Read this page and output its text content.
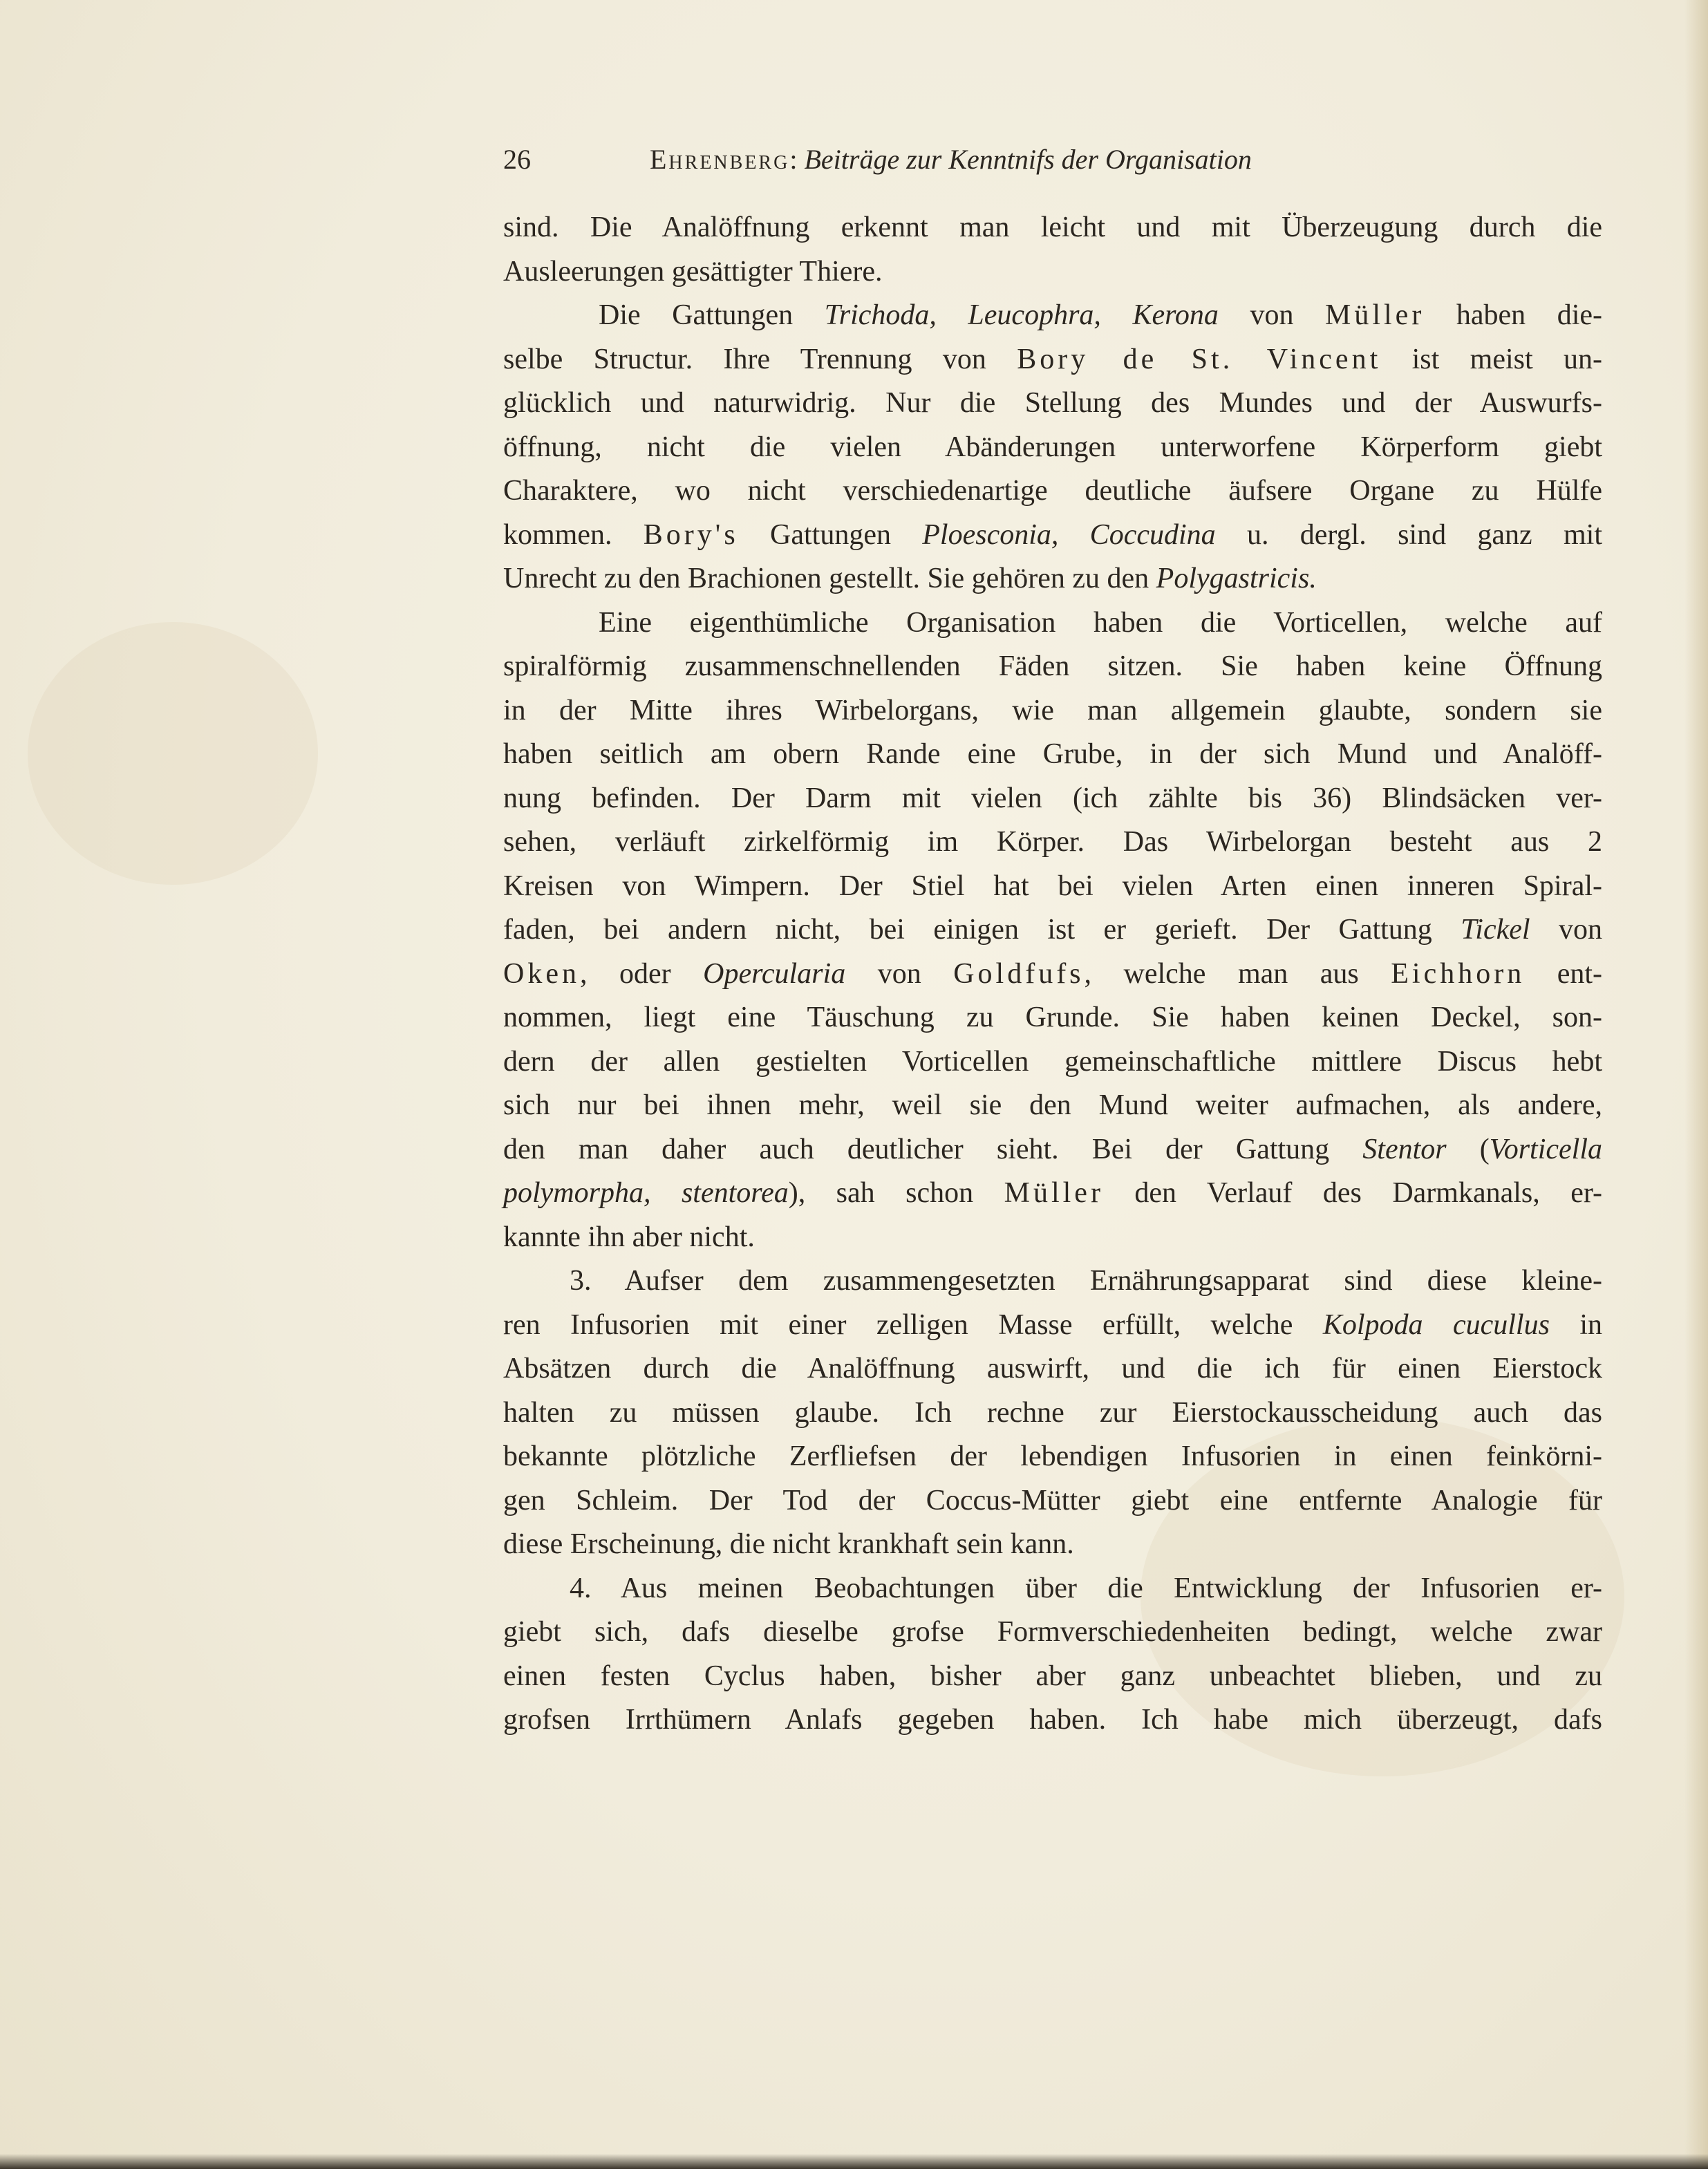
26	Ehrenberg: Beiträge zur Kenntnifs der Organisation
sind. Die Analöffnung erkennt man leicht und mit Überzeugung durch die
Ausleerungen gesättigter Thiere.
Die Gattungen Trichoda, Leucophra, Kerona von Müller haben die-
selbe Structur. Ihre Trennung von Bory de St. Vincent ist meist un-
glücklich und naturwidrig. Nur die Stellung des Mundes und der Auswurfs-
öffnung, nicht die vielen Abänderungen unterworfene Körperform giebt
Charaktere, wo nicht verschiedenartige deutliche äufsere Organe zu Hülfe
kommen. Bory's Gattungen Ploesconia, Coccudina u. dergl. sind ganz mit
Unrecht zu den Brachionen gestellt. Sie gehören zu den Polygastricis.
Eine eigenthümliche Organisation haben die Vorticellen, welche auf
spiralförmig zusammenschnellenden Fäden sitzen. Sie haben keine Öffnung
in der Mitte ihres Wirbelorgans, wie man allgemein glaubte, sondern sie
haben seitlich am obern Rande eine Grube, in der sich Mund und Analöff-
nung befinden. Der Darm mit vielen (ich zählte bis 36) Blindsäcken ver-
sehen, verläuft zirkelförmig im Körper. Das Wirbelorgan besteht aus 2
Kreisen von Wimpern. Der Stiel hat bei vielen Arten einen inneren Spiral-
faden, bei andern nicht, bei einigen ist er gerieft. Der Gattung Tickel von
Oken, oder Opercularia von Goldfufs, welche man aus Eichhorn ent-
nommen, liegt eine Täuschung zu Grunde. Sie haben keinen Deckel, son-
dern der allen gestielten Vorticellen gemeinschaftliche mittlere Discus hebt
sich nur bei ihnen mehr, weil sie den Mund weiter aufmachen, als andere,
den man daher auch deutlicher sieht. Bei der Gattung Stentor (Vorticella
polymorpha, stentorea), sah schon Müller den Verlauf des Darmkanals, er-
kannte ihn aber nicht.
3. Aufser dem zusammengesetzten Ernährungsapparat sind diese kleine-
ren Infusorien mit einer zelligen Masse erfüllt, welche Kolpoda cucullus in
Absätzen durch die Analöffnung auswirft, und die ich für einen Eierstock
halten zu müssen glaube. Ich rechne zur Eierstockausscheidung auch das
bekannte plötzliche Zerfliefsen der lebendigen Infusorien in einen feinkörni-
gen Schleim. Der Tod der Coccus-Mütter giebt eine entfernte Analogie für
diese Erscheinung, die nicht krankhaft sein kann.
4. Aus meinen Beobachtungen über die Entwicklung der Infusorien er-
giebt sich, dafs dieselbe grofse Formverschiedenheiten bedingt, welche zwar
einen festen Cyclus haben, bisher aber ganz unbeachtet blieben, und zu
grofsen Irrthümern Anlafs gegeben haben. Ich habe mich überzeugt, dafs
